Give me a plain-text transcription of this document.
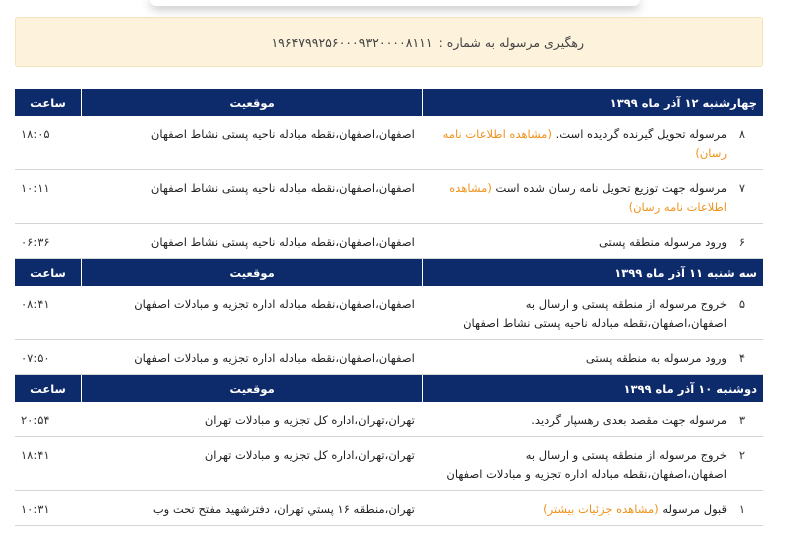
رهگیری مرسوله به شماره :
۱۹۶۴۷۹۹۲۵۶۰۰۰۹۳۲۰۰۰۰۸۱۱۱
چهارشنبه ۱۲ آذر ماه ۱۳۹۹	موقعیت	ساعت

۸
مرسوله تحویل گیرنده گردیده است. (مشاهده اطلاعات نامه رسان)	اصفهان،اصفهان،نقطه مبادله ناحیه پستی نشاط اصفهان	۱۸:۰۵

۷
مرسوله جهت توزیع تحویل نامه رسان شده است (مشاهده اطلاعات نامه رسان)	اصفهان،اصفهان،نقطه مبادله ناحیه پستی نشاط اصفهان	۱۰:۱۱

۶
ورود مرسوله منطقه پستی	اصفهان،اصفهان،نقطه مبادله ناحیه پستی نشاط اصفهان	۰۶:۳۶
سه شنبه ۱۱ آذر ماه ۱۳۹۹	موقعیت	ساعت

۵
خروج مرسوله از منطقه پستی و ارسال به اصفهان،اصفهان،نقطه مبادله ناحیه پستی نشاط اصفهان	اصفهان،اصفهان،نقطه مبادله اداره تجزیه و مبادلات اصفهان	۰۸:۴۱

۴
ورود مرسوله به منطقه پستی	اصفهان،اصفهان،نقطه مبادله اداره تجزیه و مبادلات اصفهان	۰۷:۵۰
دوشنبه ۱۰ آذر ماه ۱۳۹۹	موقعیت	ساعت

۳
مرسوله جهت مقصد بعدی رهسپار گردید.	تهران،تهران،اداره کل تجزیه و مبادلات تهران	۲۰:۵۴

۲
خروج مرسوله از منطقه پستی و ارسال به اصفهان،اصفهان،نقطه مبادله اداره تجزیه و مبادلات اصفهان	تهران،تهران،اداره کل تجزیه و مبادلات تهران	۱۸:۴۱

۱
قبول مرسوله (مشاهده جزئیات بیشتر)	تهران،منطقه ۱۶ پستي تهران، دفترشهید مفتح تحت وب	۱۰:۳۱
